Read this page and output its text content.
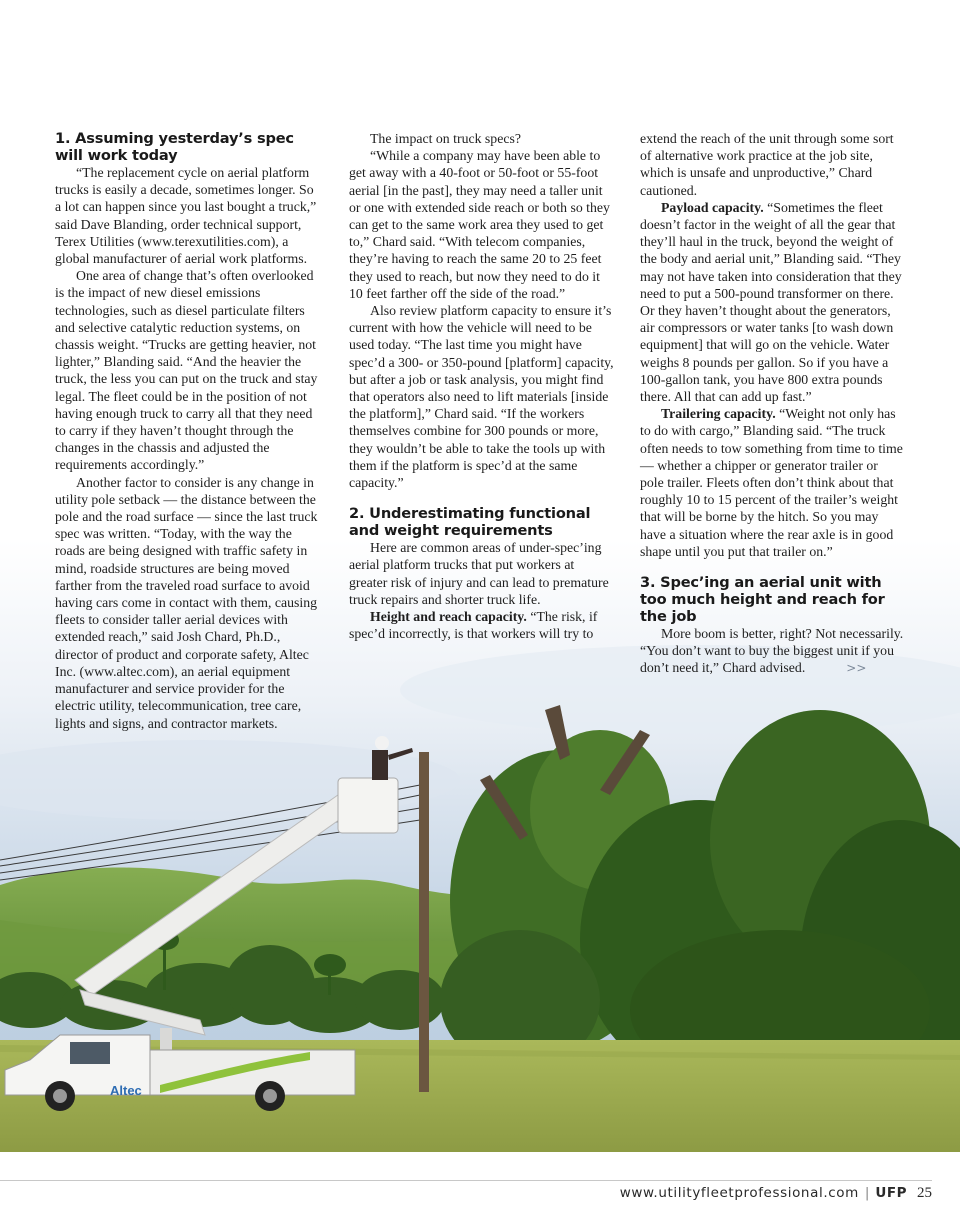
Altec
1. Assuming yesterday’s spec will work today

“The replacement cycle on aerial platform trucks is easily a decade, sometimes longer. So a lot can happen since you last bought a truck,” said Dave Blanding, order technical support, Terex Utilities (www.terexutilities.com), a global manufacturer of aerial work platforms.

One area of change that’s often overlooked is the impact of new diesel emissions technologies, such as diesel particulate filters and selective catalytic reduction systems, on chassis weight. “Trucks are getting heavier, not lighter,” Blanding said. “And the heavier the truck, the less you can put on the truck and stay legal. The fleet could be in the position of not having enough truck to carry all that they need to carry if they haven’t thought through the changes in the chassis and adjusted the requirements accordingly.”

Another factor to consider is any change in utility pole setback — the distance between the pole and the road surface — since the last truck spec was written. “Today, with the way the roads are being designed with traffic safety in mind, roadside structures are being moved farther from the traveled road surface to avoid having cars come in contact with them, causing fleets to consider taller aerial devices with extended reach,” said Josh Chard, Ph.D., director of product and corporate safety, Altec Inc. (www.altec.com), an aerial equipment manufacturer and service provider for the electric utility, telecommunication, tree care, lights and signs, and contractor markets.

The impact on truck specs?

“While a company may have been able to get away with a 40-foot or 50-foot or 55-foot aerial [in the past], they may need a taller unit or one with extended side reach or both so they can get to the same work area they used to get to,” Chard said. “With telecom companies, they’re having to reach the same 20 to 25 feet they used to reach, but now they need to do it 10 feet farther off the side of the road.”

Also review platform capacity to ensure it’s current with how the vehicle will need to be used today. “The last time you might have spec’d a 300- or 350-pound [platform] capacity, but after a job or task analysis, you might find that operators also need to lift materials [inside the platform],” Chard said. “If the workers themselves combine for 300 pounds or more, they wouldn’t be able to take the tools up with them if the platform is spec’d at the same capacity.”

2. Underestimating functional and weight requirements

Here are common areas of under-spec’ing aerial platform trucks that put workers at greater risk of injury and can lead to premature truck repairs and shorter truck life.

Height and reach capacity. “The risk, if spec’d incorrectly, is that workers will try to

extend the reach of the unit through some sort of alternative work practice at the job site, which is unsafe and unproductive,” Chard cautioned.

Payload capacity. “Sometimes the fleet doesn’t factor in the weight of all the gear that they’ll haul in the truck, beyond the weight of the body and aerial unit,” Blanding said. “They may not have taken into consideration that they need to put a 500-pound transformer on there. Or they haven’t thought about the generators, air compressors or water tanks [to wash down equipment] that will go on the vehicle. Water weighs 8 pounds per gallon. So if you have a 100-gallon tank, you have 800 extra pounds there. All that can add up fast.”

Trailering capacity. “Weight not only has to do with cargo,” Blanding said. “The truck often needs to tow something from time to time — whether a chipper or generator trailer or pole trailer. Fleets often don’t think about that roughly 10 to 15 percent of the trailer’s weight that will be borne by the hitch. So you may have a situation where the rear axle is in good shape until you put that trailer on.”

3. Spec’ing an aerial unit with too much height and reach for the job

More boom is better, right? Not necessarily. “You don’t want to buy the biggest unit if you don’t need it,” Chard advised.	>>

www.utilityfleetprofessional.com | UFP 25
